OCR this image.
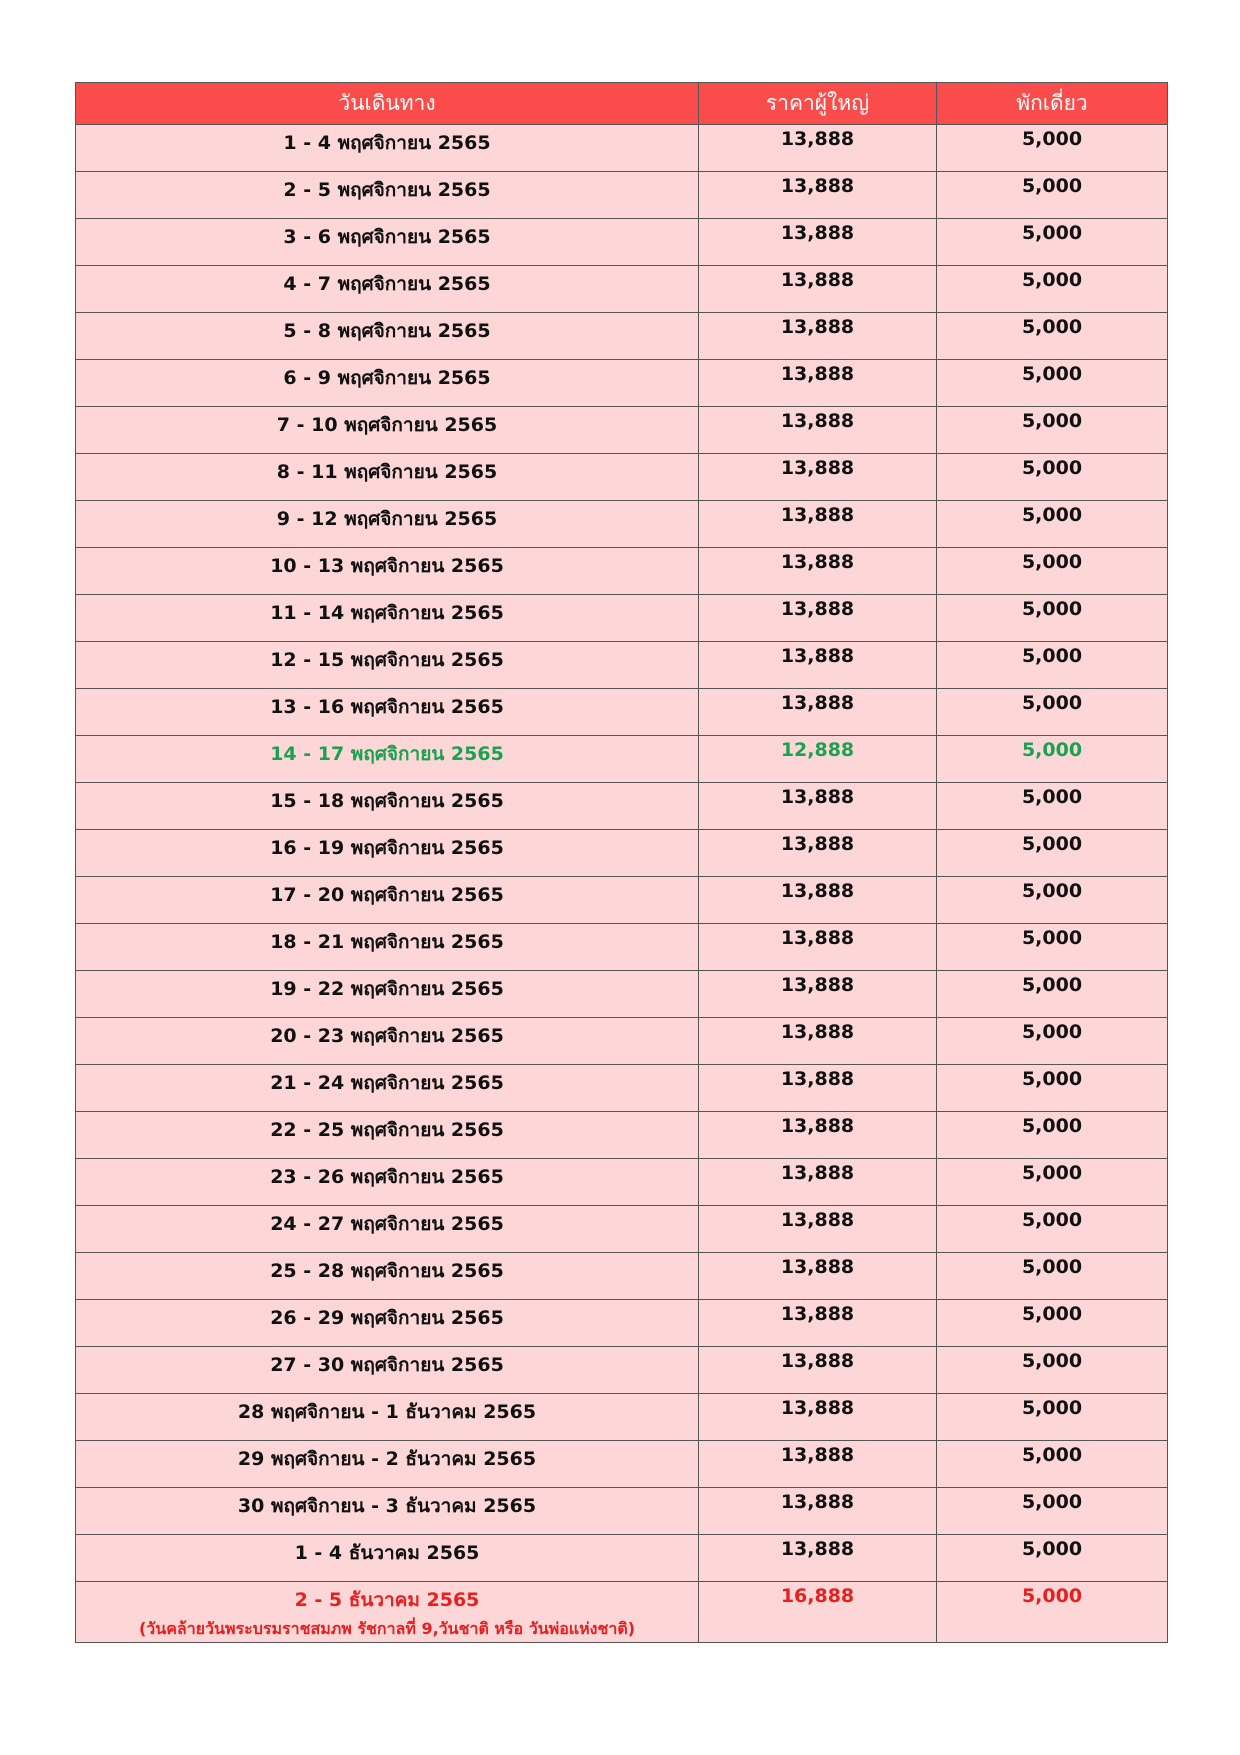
วันเดินทาง	ราคาผู้ใหญ่	พักเดี่ยว
1 - 4 พฤศจิกายน 2565	13,888	5,000
2 - 5 พฤศจิกายน 2565	13,888	5,000
3 - 6 พฤศจิกายน 2565	13,888	5,000
4 - 7 พฤศจิกายน 2565	13,888	5,000
5 - 8 พฤศจิกายน 2565	13,888	5,000
6 - 9 พฤศจิกายน 2565	13,888	5,000
7 - 10 พฤศจิกายน 2565	13,888	5,000
8 - 11 พฤศจิกายน 2565	13,888	5,000
9 - 12 พฤศจิกายน 2565	13,888	5,000
10 - 13 พฤศจิกายน 2565	13,888	5,000
11 - 14 พฤศจิกายน 2565	13,888	5,000
12 - 15 พฤศจิกายน 2565	13,888	5,000
13 - 16 พฤศจิกายน 2565	13,888	5,000
14 - 17 พฤศจิกายน 2565	12,888	5,000
15 - 18 พฤศจิกายน 2565	13,888	5,000
16 - 19 พฤศจิกายน 2565	13,888	5,000
17 - 20 พฤศจิกายน 2565	13,888	5,000
18 - 21 พฤศจิกายน 2565	13,888	5,000
19 - 22 พฤศจิกายน 2565	13,888	5,000
20 - 23 พฤศจิกายน 2565	13,888	5,000
21 - 24 พฤศจิกายน 2565	13,888	5,000
22 - 25 พฤศจิกายน 2565	13,888	5,000
23 - 26 พฤศจิกายน 2565	13,888	5,000
24 - 27 พฤศจิกายน 2565	13,888	5,000
25 - 28 พฤศจิกายน 2565	13,888	5,000
26 - 29 พฤศจิกายน 2565	13,888	5,000
27 - 30 พฤศจิกายน 2565	13,888	5,000
28 พฤศจิกายน - 1 ธันวาคม 2565	13,888	5,000
29 พฤศจิกายน - 2 ธันวาคม 2565	13,888	5,000
30 พฤศจิกายน - 3 ธันวาคม 2565	13,888	5,000
1 - 4 ธันวาคม 2565	13,888	5,000
2 - 5 ธันวาคม 2565
(วันคล้ายวันพระบรมราชสมภพ รัชกาลที่ 9,วันชาติ หรือ วันพ่อแห่งชาติ)	16,888	5,000
